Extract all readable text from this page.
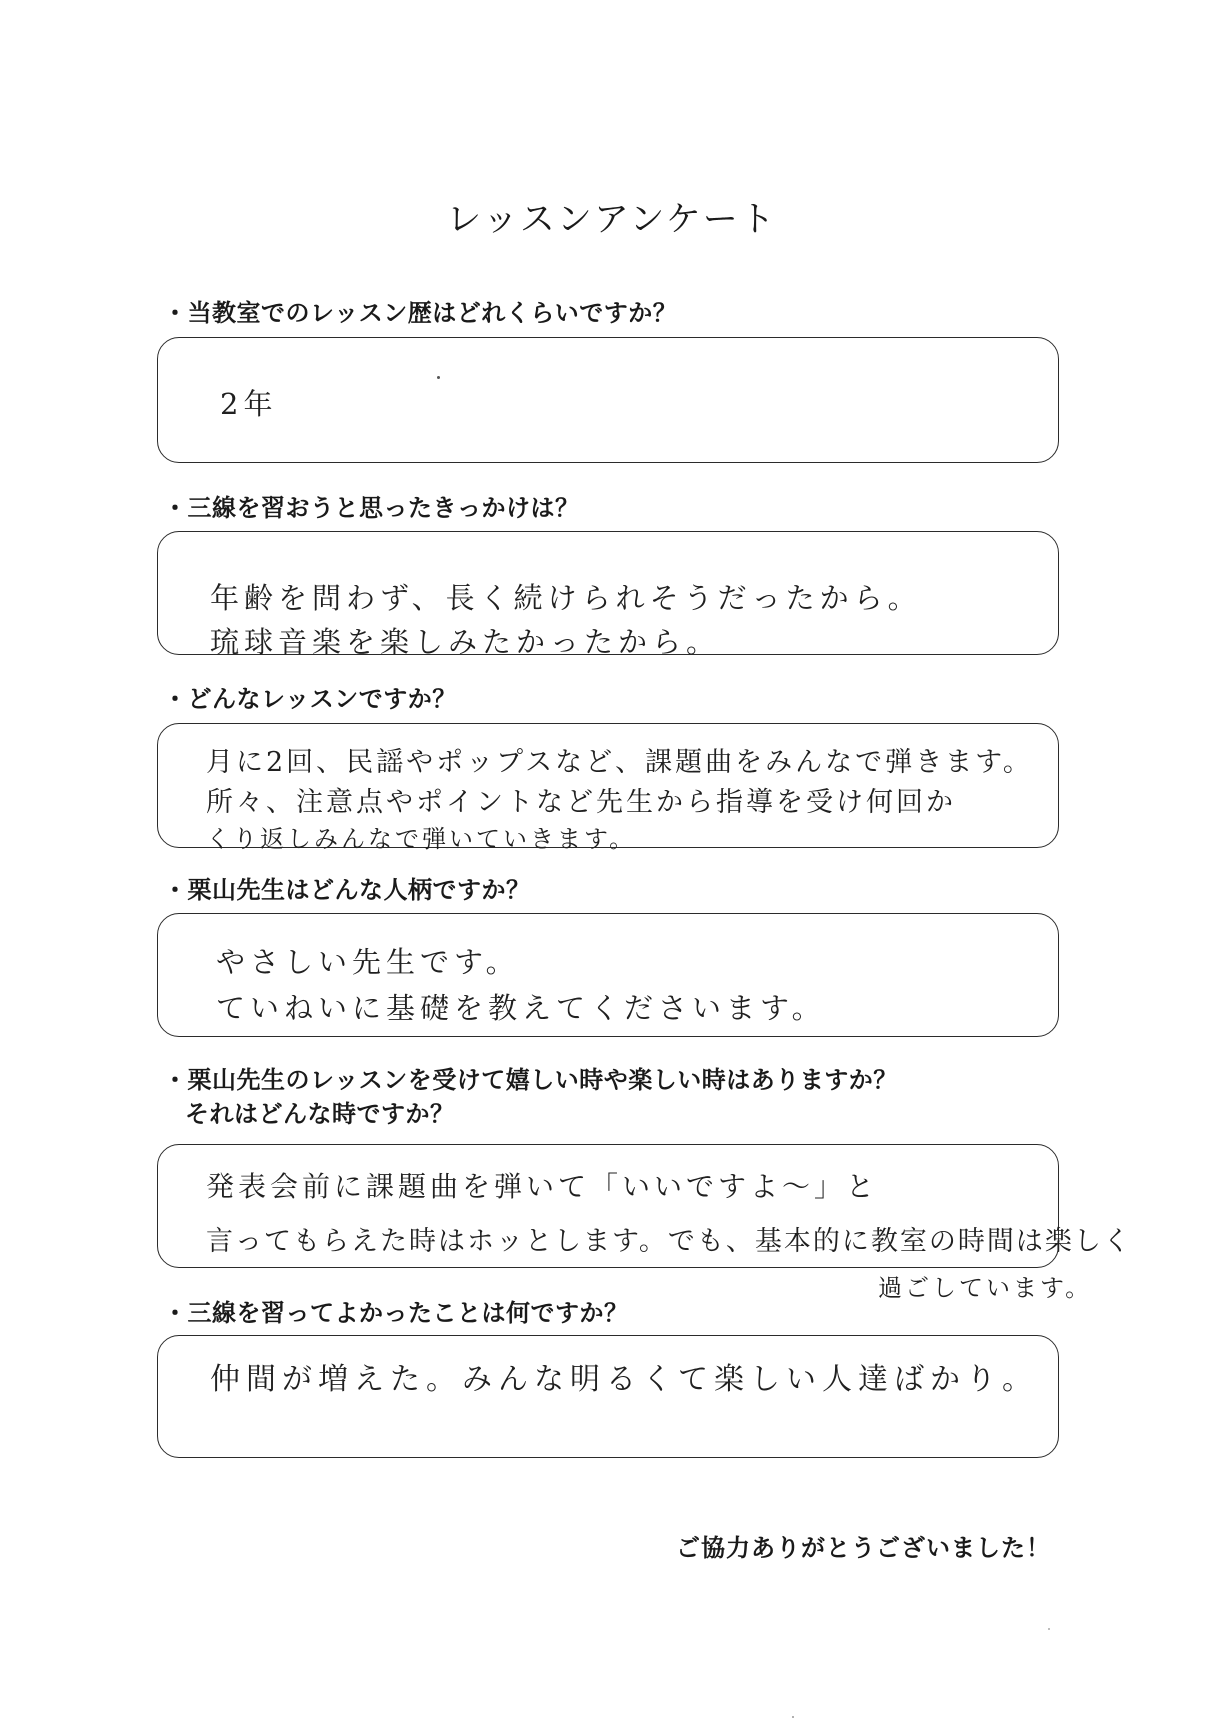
レッスンアンケート
・当教室でのレッスン歴はどれくらいですか？
2年
・三線を習おうと思ったきっかけは？
年齢を問わず、長く続けられそうだったから。
琉球音楽を楽しみたかったから。
・どんなレッスンですか？
月に2回、民謡やポップスなど、課題曲をみんなで弾きます。
所々、注意点やポイントなど先生から指導を受け何回か
くり返しみんなで弾いていきます。
・栗山先生はどんな人柄ですか？
やさしい先生です。
ていねいに基礎を教えてくださいます。
・栗山先生のレッスンを受けて嬉しい時や楽しい時はありますか？
それはどんな時ですか？
発表会前に課題曲を弾いて「いいですよ〜」と
言ってもらえた時はホッとします。でも、基本的に教室の時間は楽しく
過ごしています。
・三線を習ってよかったことは何ですか？
仲間が増えた。みんな明るくて楽しい人達ばかり。
ご協力ありがとうございました！
